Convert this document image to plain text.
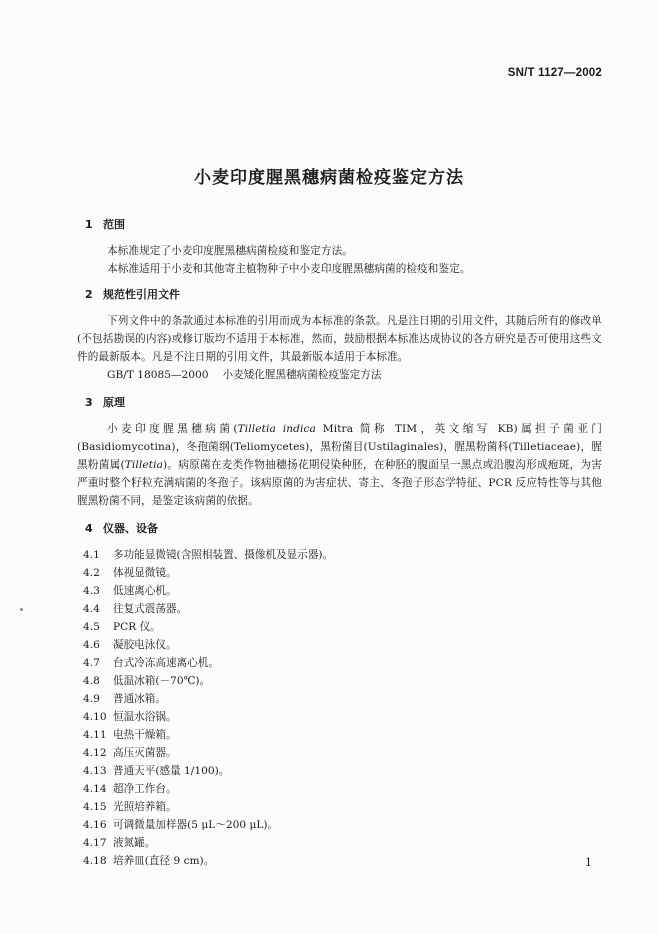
SN/T 1127—2002
小麦印度腥黑穗病菌检疫鉴定方法

1 范围

本标准规定了小麦印度腥黑穗病菌检疫和鉴定方法。

本标准适用于小麦和其他寄主植物种子中小麦印度腥黑穗病菌的检疫和鉴定。

2 规范性引用文件

下列文件中的条款通过本标准的引用而成为本标准的条款。凡是注日期的引用文件，其随后所有的修改单(不包括勘误的内容)或修订版均不适用于本标准，然而，鼓励根据本标准达成协议的各方研究是否可使用这些文件的最新版本。凡是不注日期的引用文件，其最新版本适用于本标准。

GB/T 18085—2000 小麦矮化腥黑穗病菌检疫鉴定方法

3 原理

小麦印度腥黑穗病菌(Tilletia indica Mitra 简称 TIM，英文缩写 KB)属担子菌亚门(Basidiomycotina)，冬孢菌纲(Teliomycetes)，黑粉菌目(Ustilaginales)，腥黑粉菌科(Tilletiaceae)，腥黑粉菌属(Tilletia)。病原菌在麦类作物抽穗扬花期侵染种胚，在种胚的腹面呈一黑点或沿腹沟形成疱斑，为害严重时整个籽粒充满病菌的冬孢子。该病原菌的为害症状、寄主、冬孢子形态学特征、PCR 反应特性等与其他腥黑粉菌不同，是鉴定该病菌的依据。

4 仪器、设备

4.1 多功能显微镜(含照相装置、摄像机及显示器)。
4.2 体视显微镜。
4.3 低速离心机。
4.4 往复式震荡器。
4.5 PCR 仪。
4.6 凝胶电泳仪。
4.7 台式冷冻高速离心机。
4.8 低温冰箱(－70℃)。
4.9 普通冰箱。
4.10 恒温水浴锅。
4.11 电热干燥箱。
4.12 高压灭菌器。
4.13 普通天平(感量 1/100)。
4.14 超净工作台。
4.15 光照培养箱。
4.16 可调微量加样器(5 μL～200 μL)。
4.17 液氮罐。
4.18 培养皿(直径 9 cm)。	1
